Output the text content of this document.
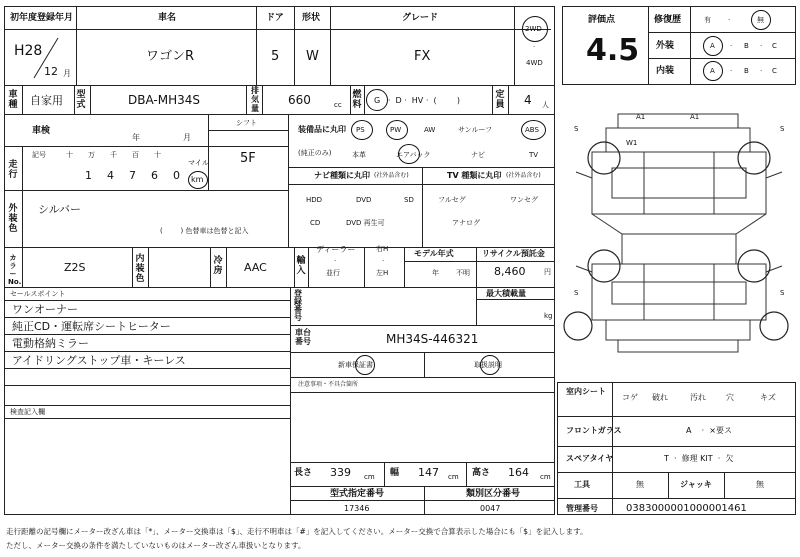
初年度登録年月
H28
12 月
車名
ワゴンR
ドア
5
形状
W
グレード
FX
2WD
·
4WD
車種 自家用 型式	DBA-MH34S
排気量
660	cc
燃料 G   ·  D ·  HV ·  (        )
定員 4 人
車検
年	月
走行
記号	十 万 千 百 十
マイル
1 4 7 6 0 km
シフト
5F
外装色
シルバー
(        ) 色替車は色替と記入
装備品に丸印
(純正のみ)
PS	PW	AW	サンルーフ	ABS
本革	エアバック	ナビ	TV
ナビ種類に丸印 (社外品含む)
HDD	DVD	SD
CD	DVD 再生可
TV 種類に丸印 (社外品含む)
フルセグ	ワンセグ
アナログ
カラーNo.
Z2S
内装色
冷房 AAC	輸入
ディーラー
·
並行
右H
·
左H
モデル年式
年 不明
リサイクル預託金
8,460	円
セールスポイント
ワンオーナー
純正CD・運転席シートヒーター
電動格納ミラー
アイドリングストップ車・キーレス
検査記入欄
登録番号
最大積載量
kg
車台番号	MH34S-446321
新車保証書	取扱説明
注意事項・不具合箇所
長さ 339 cm 幅 147 cm 高さ 164 cm
型式指定番号
17346
類別区分番号
0047
評価点
4.5
修復歴	有 ·	無
外装	A	B	C
·	·
内装	A	B	C
·	·
A1	A1
W1
S	S
S	S
室内シート
コゲ 破れ	汚れ	穴	キズ
フロントガラス	A    ·  ×要ス
スペアタイヤ	T  ·  修理 KIT  ·  欠
工具	無	ジャッキ	無
管理番号	0383000001000001461
走行距離の記号欄にメーター改ざん車は「*」、メーター交換車は「$」、走行不明車は「#」を記入してください。メーター交換で合算表示した場合にも「$」を記入します。
ただし、メーター交換の条件を満たしていないものはメーター改ざん車扱いとなります。
